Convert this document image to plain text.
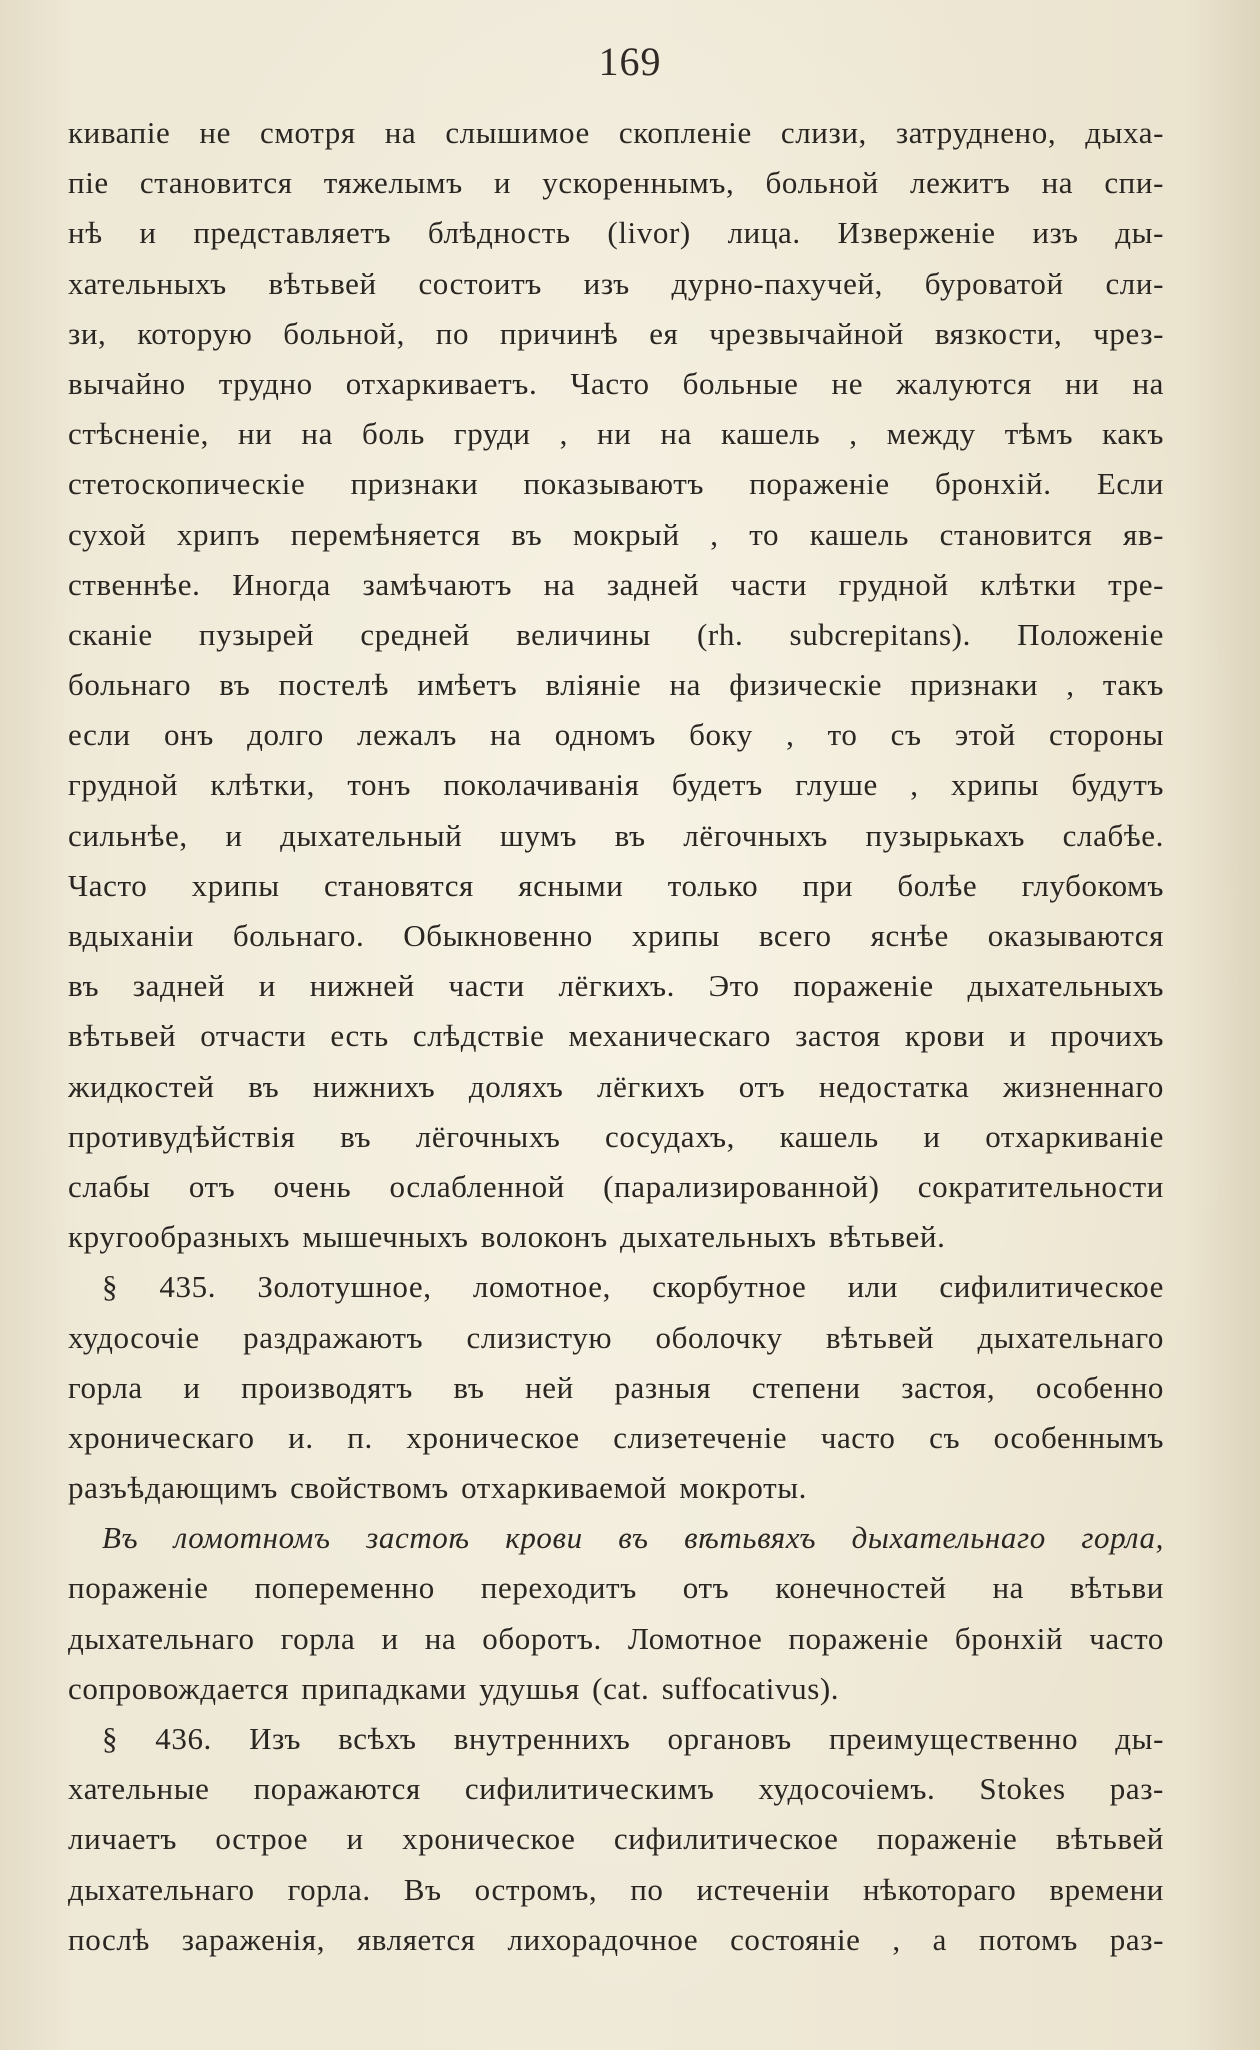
169
кивапіе не смотря на слышимое скопленіе слизи, затруднено, дыха-
піе становится тяжелымъ и ускореннымъ, больной лежитъ на спи-
нѣ и представляетъ блѣдность (livor) лица. Изверженіе изъ ды-
хательныхъ вѣтьвей состоитъ изъ дурно-пахучей, буроватой сли-
зи, которую больной, по причинѣ ея чрезвычайной вязкости, чрез-
вычайно трудно отхаркиваетъ. Часто больные не жалуются ни на
стѣсненіе, ни на боль груди , ни на кашель , между тѣмъ какъ
стетоскопическіе признаки показываютъ пораженіе бронхій. Если
сухой хрипъ перемѣняется въ мокрый , то кашель становится яв-
ственнѣе. Иногда замѣчаютъ на задней части грудной клѣтки тре-
сканіе пузырей средней величины (rh. subcrepitans). Положеніе
больнаго въ постелѣ имѣетъ вліяніе на физическіе признаки , такъ
если онъ долго лежалъ на одномъ боку , то съ этой стороны
грудной клѣтки, тонъ поколачиванія будетъ глуше , хрипы будутъ
сильнѣе, и дыхательный шумъ въ лёгочныхъ пузырькахъ слабѣе.
Часто хрипы становятся ясными только при болѣе глубокомъ
вдыханіи больнаго. Обыкновенно хрипы всего яснѣе оказываются
въ задней и нижней части лёгкихъ. Это пораженіе дыхательныхъ
вѣтьвей отчасти есть слѣдствіе механическаго застоя крови и прочихъ
жидкостей въ нижнихъ доляхъ лёгкихъ отъ недостатка жизненнаго
противудѣйствія въ лёгочныхъ сосудахъ, кашель и отхаркиваніе
слабы отъ очень ослабленной (парализированной) сократительности
кругообразныхъ мышечныхъ волоконъ дыхательныхъ вѣтьвей.
§ 435. Золотушное, ломотное, скорбутное или сифилитическое
худосочіе раздражаютъ слизистую оболочку вѣтьвей дыхательнаго
горла и производятъ въ ней разныя степени застоя, особенно
хроническаго и. п. хроническое слизетеченіе часто съ особеннымъ
разъѣдающимъ свойствомъ отхаркиваемой мокроты.
Въ ломотномъ застоѣ крови въ вѣтьвяхъ дыхательнаго горла,
пораженіе попеременно переходитъ отъ конечностей на вѣтьви
дыхательнаго горла и на оборотъ. Ломотное пораженіе бронхій часто
сопровождается припадками удушья (cat. suffocativus).
§ 436. Изъ всѣхъ внутреннихъ органовъ преимущественно ды-
хательные поражаются сифилитическимъ худосочіемъ. Stokes раз-
личаетъ острое и хроническое сифилитическое пораженіе вѣтьвей
дыхательнаго горла. Въ остромъ, по истеченіи нѣкотораго времени
послѣ зараженія, является лихорадочное состояніе , а потомъ раз-
